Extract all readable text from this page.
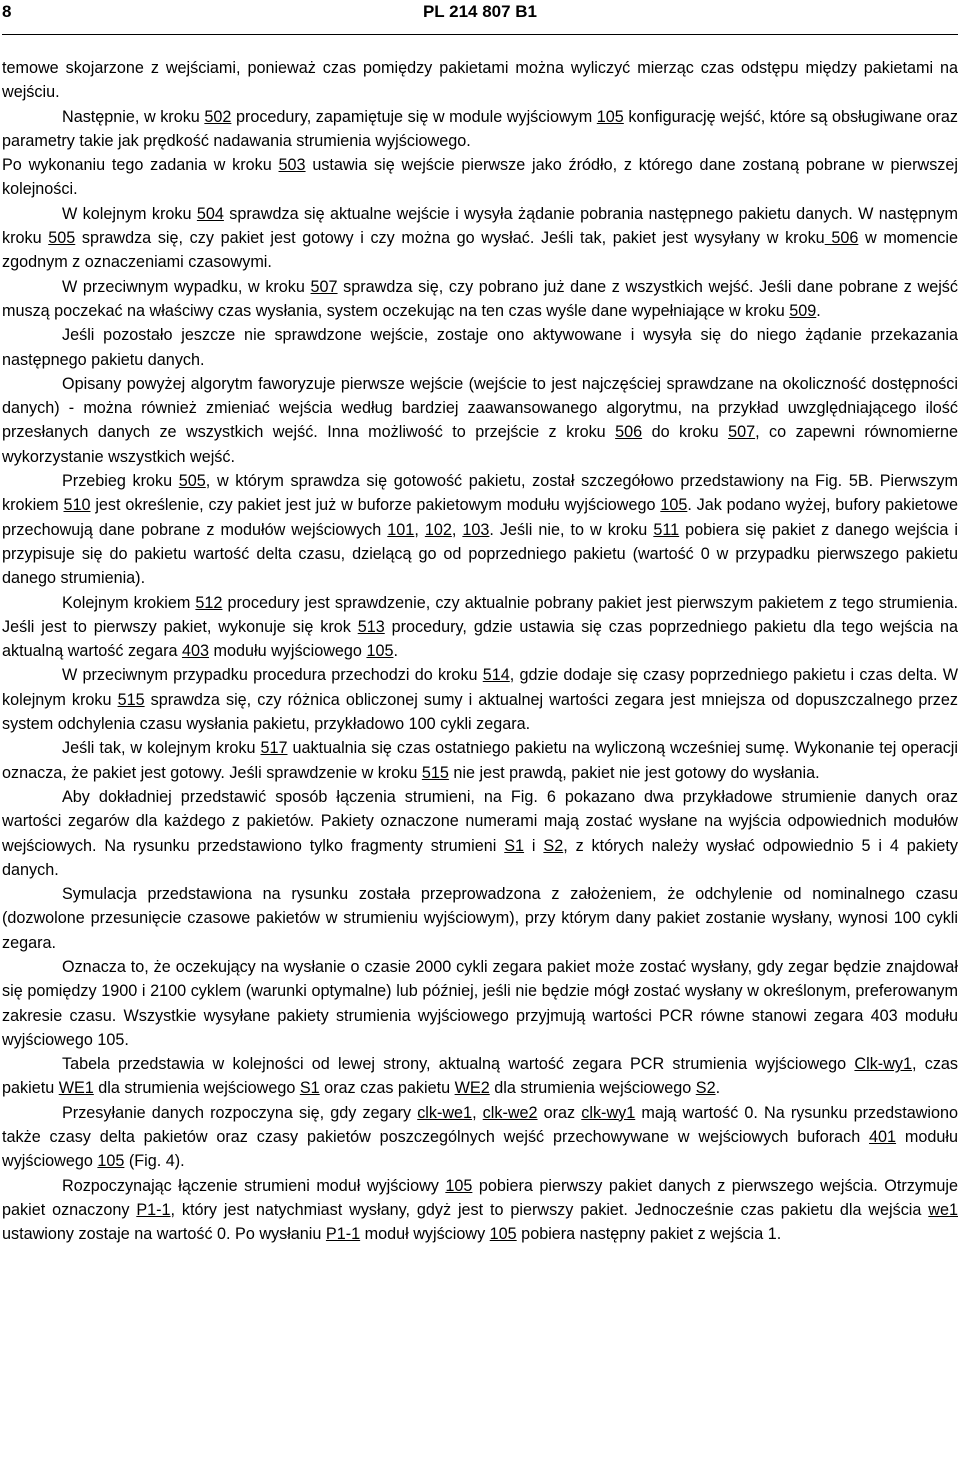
8	PL 214 807 B1

temowe skojarzone z wejściami, ponieważ czas pomiędzy pakietami można wyliczyć mierząc czas odstępu między pakietami na wejściu.

Następnie, w kroku 502 procedury, zapamiętuje się w module wyjściowym 105 konfigurację wejść, które są obsługiwane oraz parametry takie jak prędkość nadawania strumienia wyjściowego.

Po wykonaniu tego zadania w kroku 503 ustawia się wejście pierwsze jako źródło, z którego dane zostaną pobrane w pierwszej kolejności.

W kolejnym kroku 504 sprawdza się aktualne wejście i wysyła żądanie pobrania następnego pakietu danych. W następnym kroku 505 sprawdza się, czy pakiet jest gotowy i czy można go wysłać. Jeśli tak, pakiet jest wysyłany w kroku 506 w momencie zgodnym z oznaczeniami czasowymi.

W przeciwnym wypadku, w kroku 507 sprawdza się, czy pobrano już dane z wszystkich wejść. Jeśli dane pobrane z wejść muszą poczekać na właściwy czas wysłania, system oczekując na ten czas wyśle dane wypełniające w kroku 509.

Jeśli pozostało jeszcze nie sprawdzone wejście, zostaje ono aktywowane i wysyła się do niego żądanie przekazania następnego pakietu danych.

Opisany powyżej algorytm faworyzuje pierwsze wejście (wejście to jest najczęściej sprawdzane na okoliczność dostępności danych) - można również zmieniać wejścia według bardziej zaawansowanego algorytmu, na przykład uwzględniającego ilość przesłanych danych ze wszystkich wejść. Inna możliwość to przejście z kroku 506 do kroku 507, co zapewni równomierne wykorzystanie wszystkich wejść.

Przebieg kroku 505, w którym sprawdza się gotowość pakietu, został szczegółowo przedstawiony na Fig. 5B. Pierwszym krokiem 510 jest określenie, czy pakiet jest już w buforze pakietowym modułu wyjściowego 105. Jak podano wyżej, bufory pakietowe przechowują dane pobrane z modułów wejściowych 101, 102, 103. Jeśli nie, to w kroku 511 pobiera się pakiet z danego wejścia i przypisuje się do pakietu wartość delta czasu, dzielącą go od poprzedniego pakietu (wartość 0 w przypadku pierwszego pakietu danego strumienia).

Kolejnym krokiem 512 procedury jest sprawdzenie, czy aktualnie pobrany pakiet jest pierwszym pakietem z tego strumienia. Jeśli jest to pierwszy pakiet, wykonuje się krok 513 procedury, gdzie ustawia się czas poprzedniego pakietu dla tego wejścia na aktualną wartość zegara 403 modułu wyjściowego 105.

W przeciwnym przypadku procedura przechodzi do kroku 514, gdzie dodaje się czasy poprzedniego pakietu i czas delta. W kolejnym kroku 515 sprawdza się, czy różnica obliczonej sumy i aktualnej wartości zegara jest mniejsza od dopuszczalnego przez system odchylenia czasu wysłania pakietu, przykładowo 100 cykli zegara.

Jeśli tak, w kolejnym kroku 517 uaktualnia się czas ostatniego pakietu na wyliczoną wcześniej sumę. Wykonanie tej operacji oznacza, że pakiet jest gotowy. Jeśli sprawdzenie w kroku 515 nie jest prawdą, pakiet nie jest gotowy do wysłania.

Aby dokładniej przedstawić sposób łączenia strumieni, na Fig. 6 pokazano dwa przykładowe strumienie danych oraz wartości zegarów dla każdego z pakietów. Pakiety oznaczone numerami mają zostać wysłane na wyjścia odpowiednich modułów wejściowych. Na rysunku przedstawiono tylko fragmenty strumieni S1 i S2, z których należy wysłać odpowiednio 5 i 4 pakiety danych.

Symulacja przedstawiona na rysunku została przeprowadzona z założeniem, że odchylenie od nominalnego czasu (dozwolone przesunięcie czasowe pakietów w strumieniu wyjściowym), przy którym dany pakiet zostanie wysłany, wynosi 100 cykli zegara.

Oznacza to, że oczekujący na wysłanie o czasie 2000 cykli zegara pakiet może zostać wysłany, gdy zegar będzie znajdował się pomiędzy 1900 i 2100 cyklem (warunki optymalne) lub później, jeśli nie będzie mógł zostać wysłany w określonym, preferowanym zakresie czasu. Wszystkie wysyłane pakiety strumienia wyjściowego przyjmują wartości PCR równe stanowi zegara 403 modułu wyjściowego 105.

Tabela przedstawia w kolejności od lewej strony, aktualną wartość zegara PCR strumienia wyjściowego Clk-wy1, czas pakietu WE1 dla strumienia wejściowego S1 oraz czas pakietu WE2 dla strumienia wejściowego S2.

Przesyłanie danych rozpoczyna się, gdy zegary clk-we1, clk-we2 oraz clk-wy1 mają wartość 0. Na rysunku przedstawiono także czasy delta pakietów oraz czasy pakietów poszczególnych wejść przechowywane w wejściowych buforach 401 modułu wyjściowego 105 (Fig. 4).

Rozpoczynając łączenie strumieni moduł wyjściowy 105 pobiera pierwszy pakiet danych z pierwszego wejścia. Otrzymuje pakiet oznaczony P1-1, który jest natychmiast wysłany, gdyż jest to pierwszy pakiet. Jednocześnie czas pakietu dla wejścia we1 ustawiony zostaje na wartość 0. Po wysłaniu P1-1 moduł wyjściowy 105 pobiera następny pakiet z wejścia 1.
